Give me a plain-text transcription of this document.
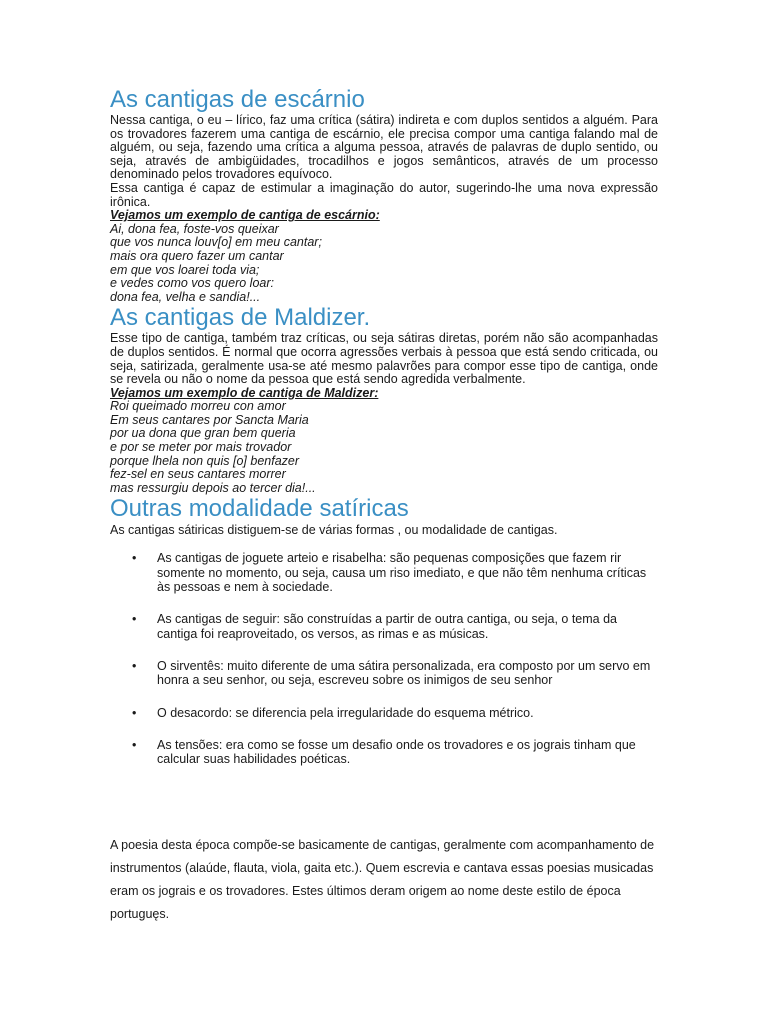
As cantigas de escárnio

Nessa cantiga, o eu – lírico, faz uma crítica (sátira) indireta e com duplos sentidos a alguém. Para os trovadores fazerem uma cantiga de escárnio, ele precisa compor uma cantiga falando mal de alguém, ou seja, fazendo uma crítica a alguma pessoa, através de palavras de duplo sentido, ou seja, através de ambigüidades, trocadilhos e jogos semânticos, através de um processo denominado pelos trovadores equívoco.

Essa cantiga é capaz de estimular a imaginação do autor, sugerindo-lhe uma nova expressão irônica.

Vejamos um exemplo de cantiga de escárnio:

Ai, dona fea, foste-vos queixar
que vos nunca louv[o] em meu cantar;
mais ora quero fazer um cantar
em que vos loarei toda via;
e vedes como vos quero loar:
dona fea, velha e sandia!...
As cantigas de Maldizer.

Esse tipo de cantiga, também traz críticas, ou seja sátiras diretas, porém não são acompanhadas de duplos sentidos. É normal que ocorra agressões verbais à pessoa que está sendo criticada, ou seja, satirizada, geralmente usa-se até mesmo palavrões para compor esse tipo de cantiga, onde se revela ou não o nome da pessoa que está sendo agredida verbalmente.

Vejamos um exemplo de cantiga de Maldizer:

Roi queimado morreu con amor
Em seus cantares por Sancta Maria
por ua dona que gran bem queria
e por se meter por mais trovador
porque lhela non quis [o] benfazer
fez-sel en seus cantares morrer
mas ressurgiu depois ao tercer dia!...
Outras modalidade satíricas

As cantigas sátiricas distiguem-se de várias formas , ou modalidade de cantigas.

• As cantigas de joguete arteio e risabelha: são pequenas composições que fazem rir somente no momento, ou seja, causa um riso imediato, e que não têm nenhuma críticas às pessoas e nem à sociedade.
• As cantigas de seguir: são construídas a partir de outra cantiga, ou seja, o tema da cantiga foi reaproveitado, os versos, as rimas e as músicas.
• O sirventês: muito diferente de uma sátira personalizada, era composto por um servo em honra a seu senhor, ou seja, escreveu sobre os inimigos de seu senhor
• O desacordo: se diferencia pela irregularidade do esquema métrico.
• As tensões: era como se fosse um desafio onde os trovadores e os jograis tinham que calcular suas habilidades poéticas.

A poesia desta época compõe-se basicamente de cantigas, geralmente com acompanhamento de instrumentos (alaúde, flauta, viola, gaita etc.). Quem escrevia e cantava essas poesias musicadas eram os jograis e os trovadores. Estes últimos deram origem ao nome deste estilo de época portuguęs.
